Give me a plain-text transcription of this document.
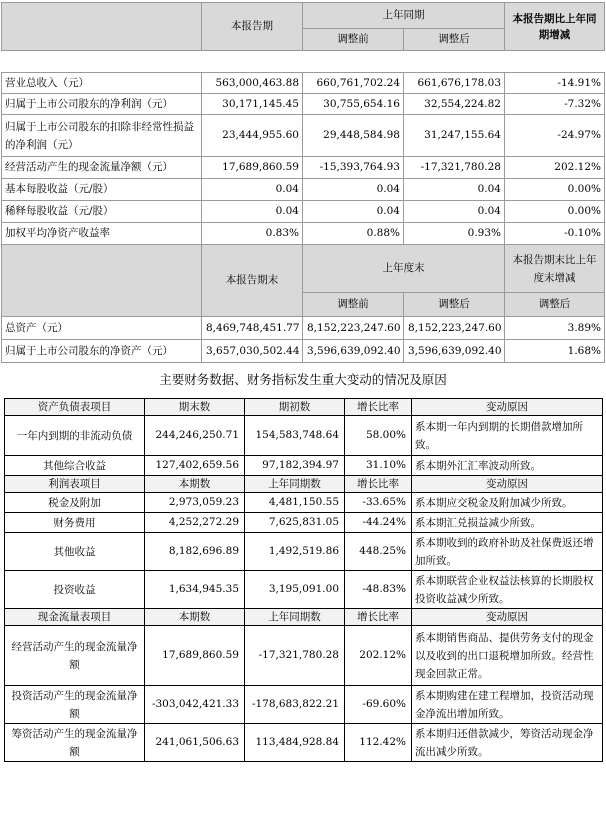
	本报告期	上年同期		本报告期比上年同期增减
		调整前	调整后	

营业总收入（元）	563,000,463.88	660,761,702.24	661,676,178.03	-14.91%
归属于上市公司股东的净利润（元）	30,171,145.45	30,755,654.16	32,554,224.82	-7.32%
归属于上市公司股东的扣除非经常性损益的净利润（元）	23,444,955.60	29,448,584.98	31,247,155.64	-24.97%
经营活动产生的现金流量净额（元）	17,689,860.59	-15,393,764.93	-17,321,780.28	202.12%
基本每股收益（元/股）	0.04	0.04	0.04	0.00%
稀释每股收益（元/股）	0.04	0.04	0.04	0.00%
加权平均净资产收益率	0.83%	0.88%	0.93%	-0.10%
	本报告期末	上年度末		本报告期末比上年度末增减
		调整前	调整后	调整后
总资产（元）	8,469,748,451.77	8,152,223,247.60	8,152,223,247.60	3.89%
归属于上市公司股东的净资产（元）	3,657,030,502.44	3,596,639,092.40	3,596,639,092.40	1.68%
主要财务数据、财务指标发生重大变动的情况及原因
资产负债表项目	期末数	期初数	增长比率	变动原因
一年内到期的非流动负债	244,246,250.71	154,583,748.64	58.00%	系本期一年内到期的长期借款增加所致。
其他综合收益	127,402,659.56	97,182,394.97	31.10%	系本期外汇汇率波动所致。
利润表项目	本期数	上年同期数	增长比率	变动原因
税金及附加	2,973,059.23	4,481,150.55	-33.65%	系本期应交税金及附加减少所致。
财务费用	4,252,272.29	7,625,831.05	-44.24%	系本期汇兑损益减少所致。
其他收益	8,182,696.89	1,492,519.86	448.25%	系本期收到的政府补助及社保费返还增加所致。
投资收益	1,634,945.35	3,195,091.00	-48.83%	系本期联营企业权益法核算的长期股权投资收益减少所致。
现金流量表项目	本期数	上年同期数	增长比率	变动原因
经营活动产生的现金流量净额	17,689,860.59	-17,321,780.28	202.12%	系本期销售商品、提供劳务支付的现金以及收到的出口退税增加所致。经营性现金回款正常。
投资活动产生的现金流量净额	-303,042,421.33	-178,683,822.21	-69.60%	系本期购建在建工程增加，投资活动现金净流出增加所致。
筹资活动产生的现金流量净额	241,061,506.63	113,484,928.84	112.42%	系本期归还借款减少，筹资活动现金净流出减少所致。
